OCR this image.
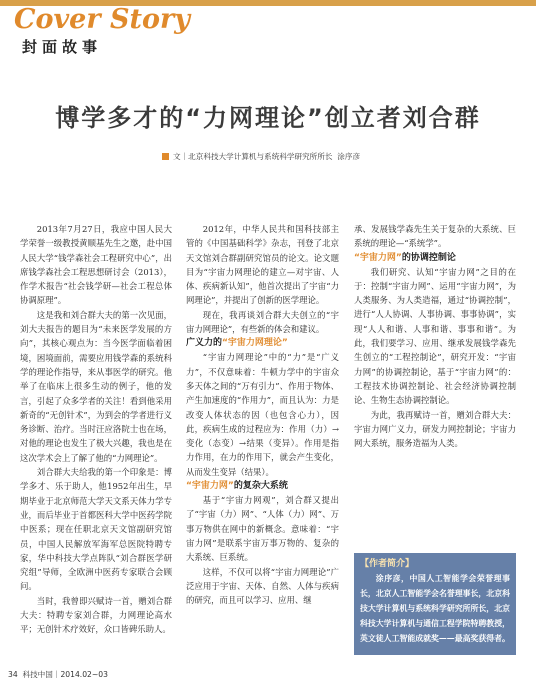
Cover Story
封面故事
博学多才的“力网理论”创立者刘合群
文｜北京科技大学计算机与系统科学研究所所长 涂序彦

2013年7月27日，我应中国人民大学荣誉一级教授黄顺基先生之邀，赴中国人民大学“钱学森社会工程研究中心”，出席钱学森社会工程思想研讨会（2013），作学术报告“社会钱学研—社会工程总体协调原理”。

这是我和刘合群大夫的第一次见面，刘大夫报告的题目为“未来医学发展的方向”，其核心观点为：当今医学面临着困境，困境面前，需要应用钱学森的系统科学的理论作指导，来从事医学的研究。他举了在临床上很多生动的例子，他的发言，引起了众多学者的关注！看到他采用新奇的“无创针术”，为到会的学者进行义务诊断、治疗。当时汪应洛院士也在场，对他的理论也发生了极大兴趣，我也是在这次学术会上了解了他的“力网理论”。

刘合群大夫给我的第一个印象是：博学多才、乐于助人，他1952年出生，早期毕业于北京师范大学天文系天体力学专业，而后毕业于首都医科大学中医药学院中医系；现在任职北京天文馆副研究馆员，中国人民解放军海军总医院特聘专家，华中科技大学点阵队“刘合群医学研究组”导师，全欧洲中医药专家联合会顾问。

当时，我曾即兴赋诗一首，赠刘合群大夫：特聘专家刘合群，力网理论高水平；无创针术疗效好，众口皆碑乐助人。

2012年，中华人民共和国科技部主管的《中国基础科学》杂志，刊登了北京天文馆刘合群副研究馆员的论文。论文题目为“宇宙力网理论的建立—对宇宙、人体、疾病新认知”，他首次提出了宇宙“力网理论”，并提出了创新的医学理论。

现在，我再谈刘合群大夫创立的“宇宙力网理论”，有些新的体会和建议。

广义力的“宇宙力网理论”

“宇宙力网理论”中的“力”是“广义力”，不仅意味着：牛顿力学中的宇宙众多天体之间的“万有引力”、作用于物体、产生加速度的“作用力”，而且认为：力是改变人体状态的因（也包含心力），因此，疾病生成的过程应为：作用（力）→变化（态变）→结果（变异）。作用是指力作用，在力的作用下，就会产生变化，从而发生变异（结果）。

“宇宙力网”的复杂大系统

基于“宇宙力网观”，刘合群又提出了“宇宙（力）网”、“人体（力）网”、万事万物供在网中的新概念。意味着：“宇宙力网”是联系宇宙万事万物的、复杂的大系统、巨系统。

这样，不仅可以将“宇宙力网理论”广泛应用于宇宙、天体、自然、人体与疾病的研究，而且可以学习、应用、继

承、发展钱学森先生关于复杂的大系统、巨系统的理论—“系统学”。

“宇宙力网”的协调控制论

我们研究、认知“宇宙力网”之目的在于：控制“宇宙力网”、运用“宇宙力网”，为人类服务、为人类造福，通过“协调控制”，进行“人人协调、人事协调、事事协调”，实现“人人和谐、人事和谐、事事和谐”。为此，我们要学习、应用、继承发展钱学森先生创立的“工程控制论”，研究开发：“宇宙力网”的协调控制论，基于“宇宙力网”的：工程技术协调控制论、社会经济协调控制论、生物生态协调控制论。

为此，我再赋诗一首，赠刘合群大夫：宇宙力网广义力，研发力网控制论；宇宙力网大系统，服务造福为人类。

【作者简介】
涂序彦，中国人工智能学会荣誉理事长，北京人工智能学会名誉理事长，北京科技大学计算机与系统科学研究所所长，北京科技大学计算机与通信工程学院特聘教授，英文徒人工智能成就奖——最高奖获得者。
34 科技中国｜2014.02~03
